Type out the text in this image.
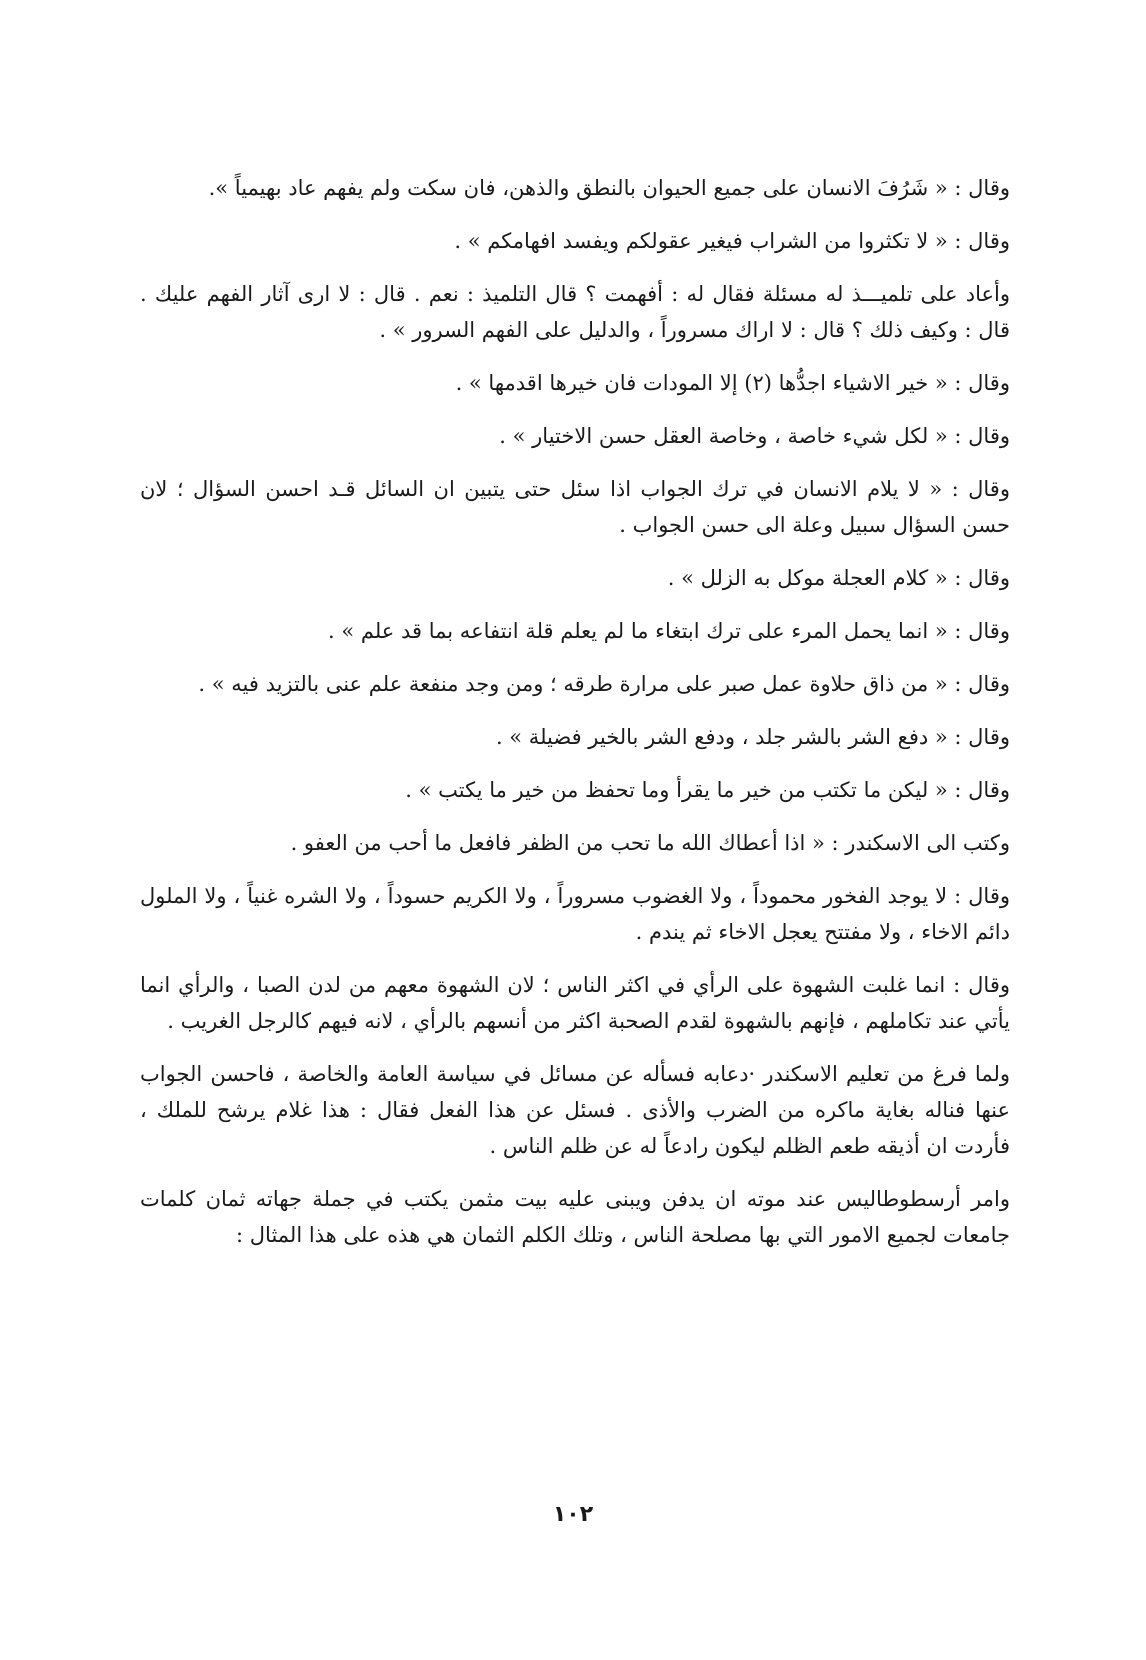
وقال : « شَرُفَ الانسان على جميع الحيوان بالنطق والذهن، فان سكت ولم يفهم عاد بهيمياً ».

وقال : « لا تكثروا من الشراب فيغير عقولكم ويفسد افهامكم » .

وأعاد على تلميـــذ له مسئلة فقال له : أفهمت ؟ قال التلميذ : نعم . قال : لا ارى آثار الفهم عليك . قال : وكيف ذلك ؟ قال : لا اراك مسروراً ، والدليل على الفهم السرور » .

وقال : « خير الاشياء اجدُّها (٢) إلا المودات فان خيرها اقدمها » .

وقال : « لكل شيء خاصة ، وخاصة العقل حسن الاختيار » .

وقال : « لا يلام الانسان في ترك الجواب اذا سئل حتى يتبين ان السائل قـد احسن السؤال ؛ لان حسن السؤال سبيل وعلة الى حسن الجواب .

وقال : « كلام العجلة موكل به الزلل » .

وقال : « انما يحمل المرء على ترك ابتغاء ما لم يعلم قلة انتفاعه بما قد علم » .

وقال : « من ذاق حلاوة عمل صبر على مرارة طرقه ؛ ومن وجد منفعة علم عنى بالتزيد فيه » .

وقال : « دفع الشر بالشر جلد ، ودفع الشر بالخير فضيلة » .

وقال : « ليكن ما تكتب من خير ما يقرأ وما تحفظ من خير ما يكتب » .

وكتب الى الاسكندر : « اذا أعطاك الله ما تحب من الظفر فافعل ما أحب من العفو .

وقال : لا يوجد الفخور محموداً ، ولا الغضوب مسروراً ، ولا الكريم حسوداً ، ولا الشره غنياً ، ولا الملول دائم الاخاء ، ولا مفتتح يعجل الاخاء ثم يندم .

وقال : انما غلبت الشهوة على الرأي في اكثر الناس ؛ لان الشهوة معهم من لدن الصبا ، والرأي انما يأتي عند تكاملهم ، فإنهم بالشهوة لقدم الصحبة اكثر من أنسهم بالرأي ، لانه فيهم كالرجل الغريب .

ولما فرغ من تعليم الاسكندر ·دعابه فسأله عن مسائل في سياسة العامة والخاصة ، فاحسن الجواب عنها فناله بغاية ماكره من الضرب والأذى . فسئل عن هذا الفعل فقال : هذا غلام يرشح للملك ، فأردت ان أذيقه طعم الظلم ليكون رادعاً له عن ظلم الناس .

وامر أرسطوطاليس عند موته ان يدفن ويبنى عليه بيت مثمن يكتب في جملة جهاته ثمان كلمات جامعات لجميع الامور التي بها مصلحة الناس ، وتلك الكلم الثمان هي هذه على هذا المثال :

١٠٢
